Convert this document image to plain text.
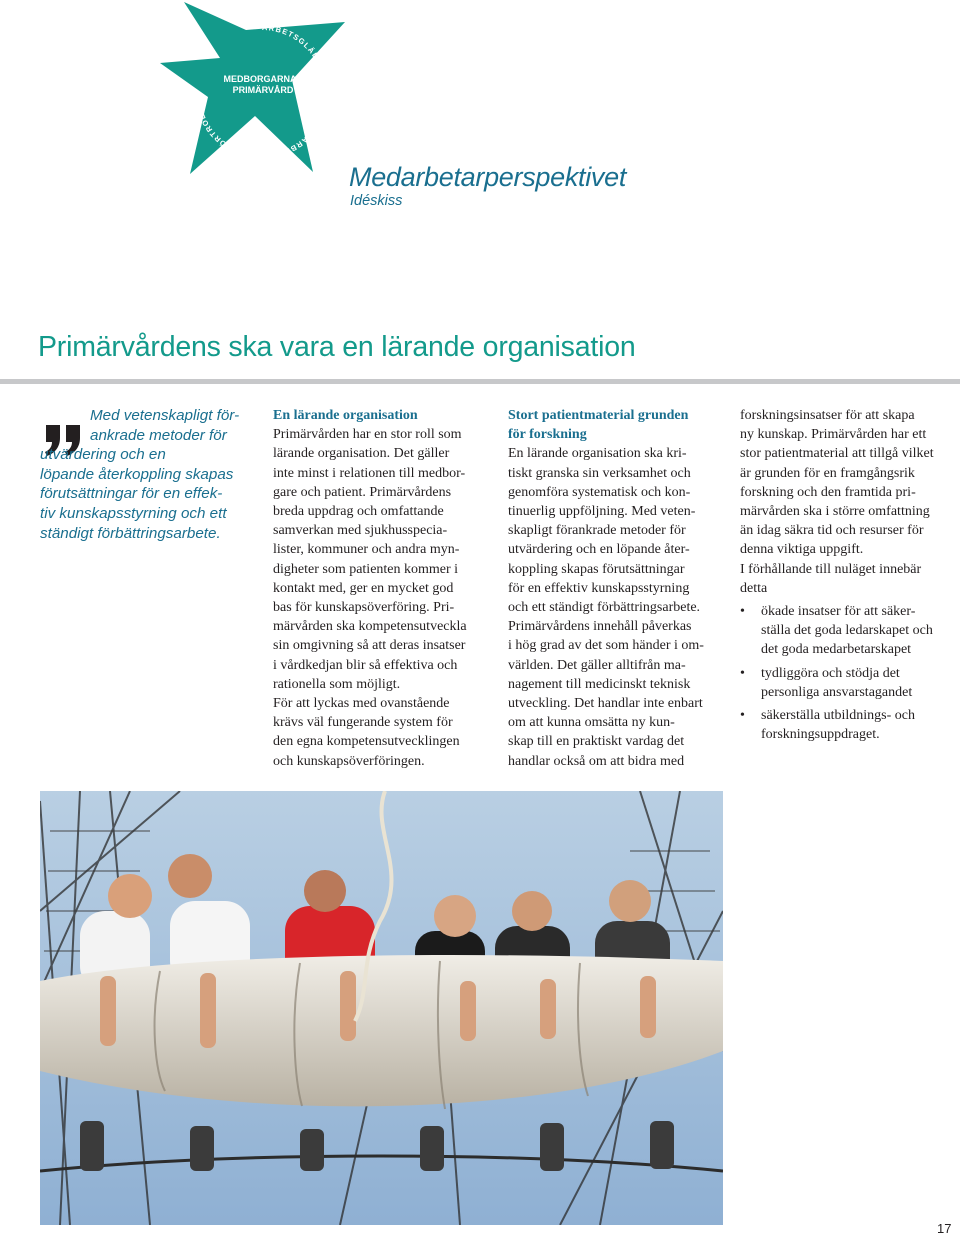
ARBETSGLÄDJE FÖRTROENDE ARBETSGLÄDJE FÖRTROENDE
MEDBORGARNAS
PRIMÄRVÅRD
Medarbetarperspektivet
Idéskiss
Primärvårdens ska vara en lärande organisation
Med vetenskapligt för-
ankrade metoder för
utvärdering och en
löpande återkoppling skapas
förutsättningar för en effek-
tiv kunskapsstyrning och ett
ständigt förbättringsarbete.
En lärande organisation
Primärvården har en stor roll som
lärande organisation. Det gäller
inte minst i relationen till medbor-
gare och patient. Primärvårdens
breda uppdrag och omfattande
samverkan med sjukhusspecia-
lister, kommuner och andra myn-
digheter som patienten kommer i
kontakt med, ger en mycket god
bas för kunskapsöverföring. Pri-
märvården ska kompetensutveckla
sin omgivning så att deras insatser
i vårdkedjan blir så effektiva och
rationella som möjligt.
För att lyckas med ovanstående
krävs väl fungerande system för
den egna kompetensutvecklingen
och kunskapsöverföringen.
Stort patientmaterial grunden
för forskning
En lärande organisation ska kri-
tiskt granska sin verksamhet och
genomföra systematisk och kon-
tinuerlig uppföljning. Med veten-
skapligt förankrade metoder för
utvärdering och en löpande åter-
koppling skapas förutsättningar
för en effektiv kunskapsstyrning
och ett ständigt förbättringsarbete.
Primärvårdens innehåll påverkas
i hög grad av det som händer i om-
världen. Det gäller alltifrån ma-
nagement till medicinskt teknisk
utveckling. Det handlar inte enbart
om att kunna omsätta ny kun-
skap till en praktiskt vardag det
handlar också om att bidra med
forskningsinsatser för att skapa
ny kunskap. Primärvården har ett
stor patientmaterial att tillgå vilket
är grunden för en framgångsrik
forskning och den framtida pri-
märvården ska i större omfattning
än idag säkra tid och resurser för
denna viktiga uppgift.
I förhållande till nuläget innebär
detta
• ökade insatser för att säker-
ställa det goda ledarskapet och
det goda medarbetarskapet
• tydliggöra och stödja det
personliga ansvarstagandet
• säkerställa utbildnings- och
forskningsuppdraget.
17
